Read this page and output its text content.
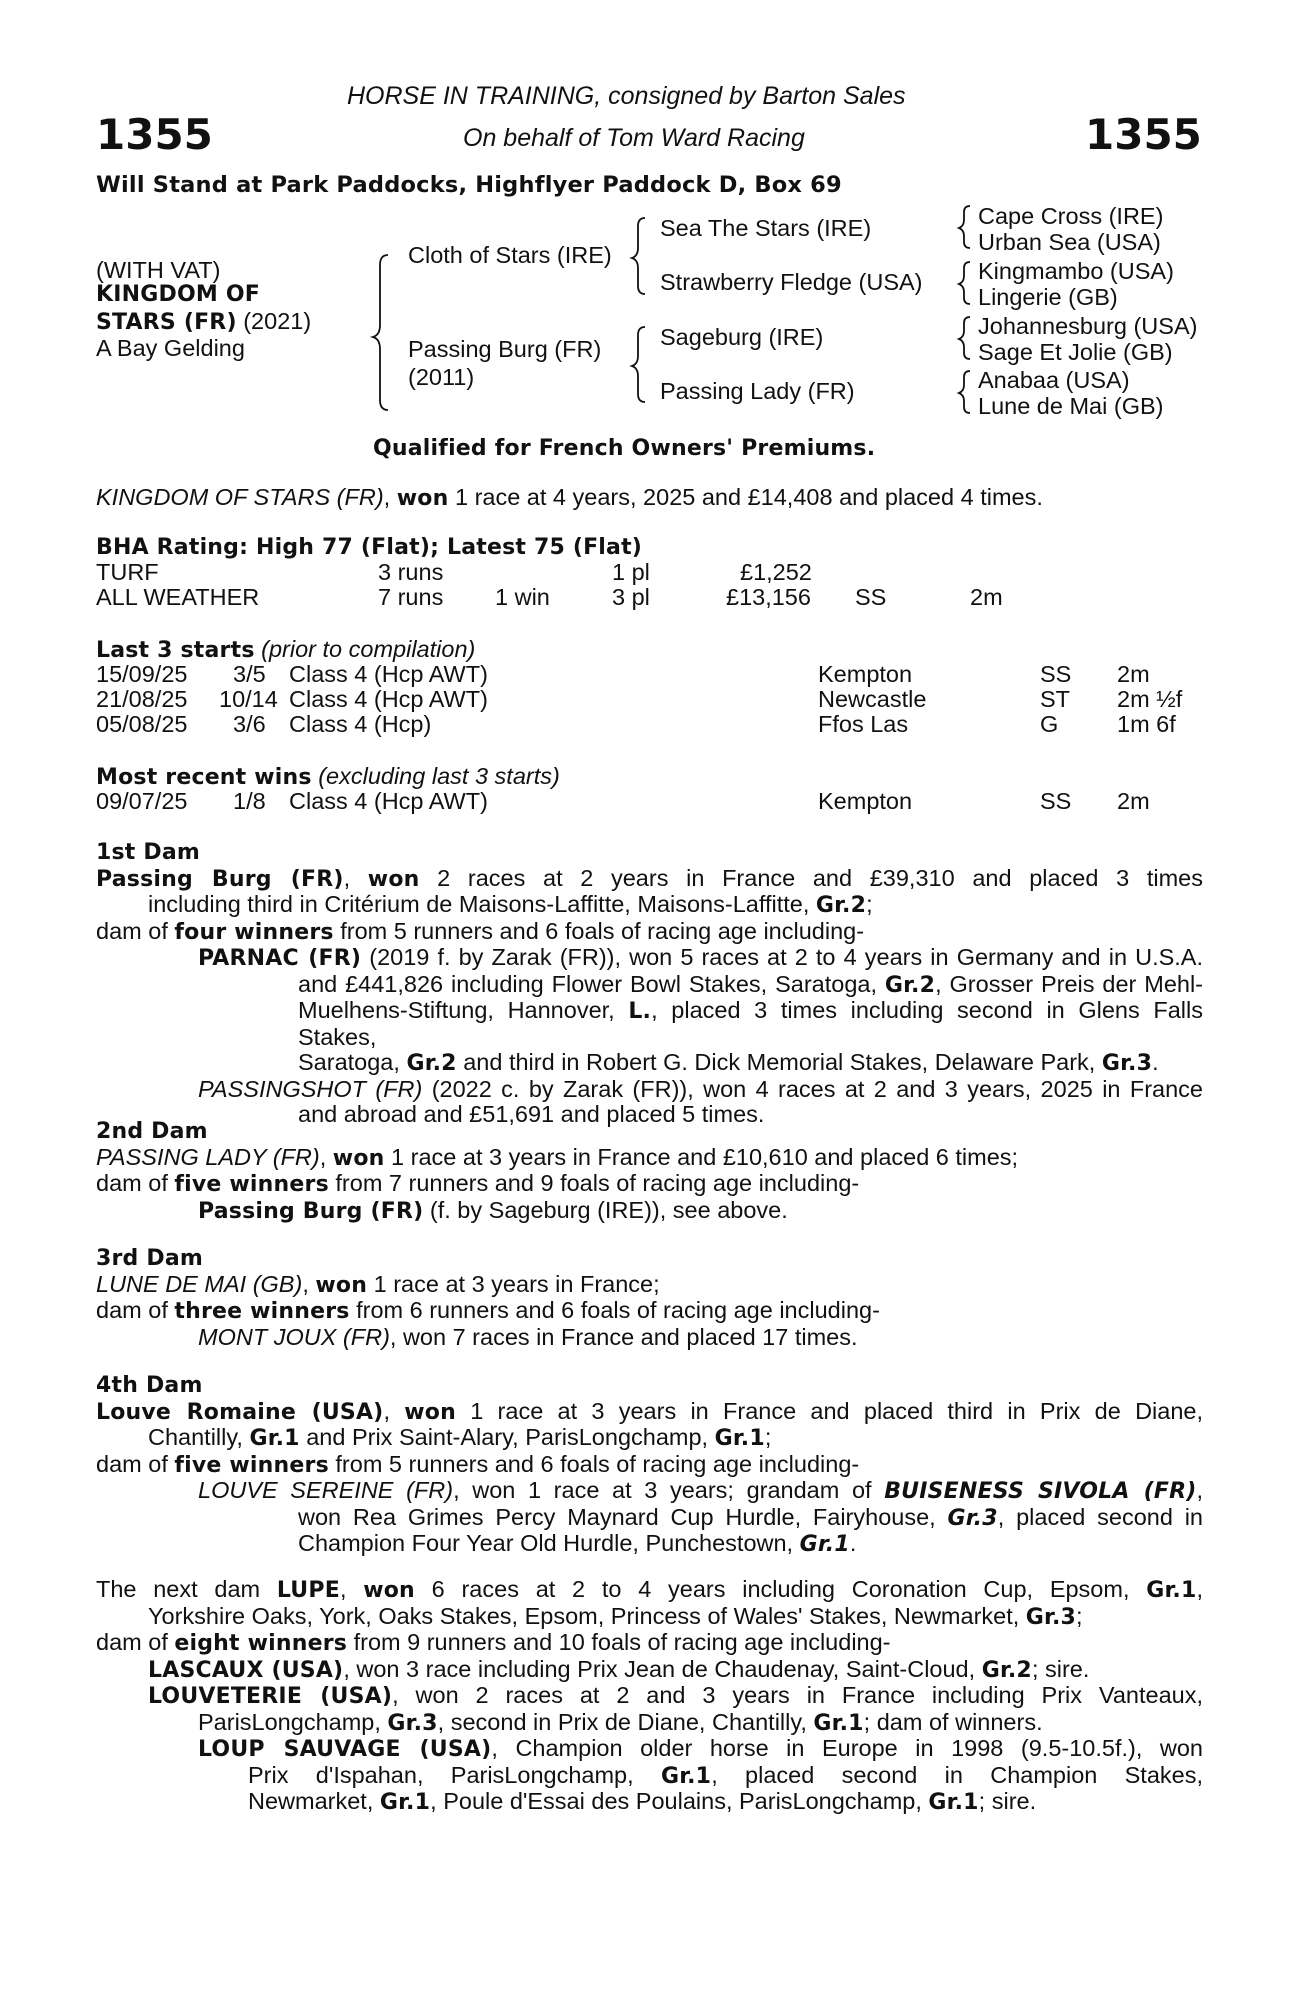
1355	1355
HORSE IN TRAINING, consigned by Barton Sales
On behalf of Tom Ward Racing
Will Stand at Park Paddocks, Highflyer Paddock D, Box 69
(WITH VAT)
KINGDOM OF
STARS (FR) (2021)
A Bay Gelding
Cloth of Stars (IRE)
Passing Burg (FR)
(2011)
Sea The Stars (IRE)
Strawberry Fledge (USA)
Sageburg (IRE)
Passing Lady (FR)
Cape Cross (IRE)
Urban Sea (USA)
Kingmambo (USA)
Lingerie (GB)
Johannesburg (USA)
Sage Et Jolie (GB)
Anabaa (USA)
Lune de Mai (GB)
Qualified for French Owners' Premiums.
KINGDOM OF STARS (FR), won 1 race at 4 years, 2025 and £14,408 and placed 4 times.
BHA Rating: High 77 (Flat); Latest 75 (Flat)
TURF	3 runs	1 pl	£1,252
ALL WEATHER	7 runs 1 win	3 pl	£13,156 SS	2m
Last 3 starts (prior to compilation)
15/09/25 3/5 Class 4 (Hcp AWT)	Kempton	SS 2m
21/08/25 10/14 Class 4 (Hcp AWT)	Newcastle	ST 2m ½f
05/08/25 3/6 Class 4 (Hcp)	Ffos Las	G 1m 6f
Most recent wins (excluding last 3 starts)
09/07/25 1/8 Class 4 (Hcp AWT)	Kempton	SS 2m
1st Dam
Passing Burg (FR), won 2 races at 2 years in France and £39,310 and placed 3 times
including third in Critérium de Maisons-Laffitte, Maisons-Laffitte, Gr.2;
dam of four winners from 5 runners and 6 foals of racing age including-
PARNAC (FR) (2019 f. by Zarak (FR)), won 5 races at 2 to 4 years in Germany and in U.S.A.
and £441,826 including Flower Bowl Stakes, Saratoga, Gr.2, Grosser Preis der Mehl-
Muelhens-Stiftung, Hannover, L., placed 3 times including second in Glens Falls Stakes,
Saratoga, Gr.2 and third in Robert G. Dick Memorial Stakes, Delaware Park, Gr.3.
PASSINGSHOT (FR) (2022 c. by Zarak (FR)), won 4 races at 2 and 3 years, 2025 in France
and abroad and £51,691 and placed 5 times.
2nd Dam
PASSING LADY (FR), won 1 race at 3 years in France and £10,610 and placed 6 times;
dam of five winners from 7 runners and 9 foals of racing age including-
Passing Burg (FR) (f. by Sageburg (IRE)), see above.
3rd Dam
LUNE DE MAI (GB), won 1 race at 3 years in France;
dam of three winners from 6 runners and 6 foals of racing age including-
MONT JOUX (FR), won 7 races in France and placed 17 times.
4th Dam
Louve Romaine (USA), won 1 race at 3 years in France and placed third in Prix de Diane,
Chantilly, Gr.1 and Prix Saint-Alary, ParisLongchamp, Gr.1;
dam of five winners from 5 runners and 6 foals of racing age including-
LOUVE SEREINE (FR), won 1 race at 3 years; grandam of BUISENESS SIVOLA (FR),
won Rea Grimes Percy Maynard Cup Hurdle, Fairyhouse, Gr.3, placed second in
Champion Four Year Old Hurdle, Punchestown, Gr.1.
The next dam LUPE, won 6 races at 2 to 4 years including Coronation Cup, Epsom, Gr.1,
Yorkshire Oaks, York, Oaks Stakes, Epsom, Princess of Wales' Stakes, Newmarket, Gr.3;
dam of eight winners from 9 runners and 10 foals of racing age including-
LASCAUX (USA), won 3 race including Prix Jean de Chaudenay, Saint-Cloud, Gr.2; sire.
LOUVETERIE (USA), won 2 races at 2 and 3 years in France including Prix Vanteaux,
ParisLongchamp, Gr.3, second in Prix de Diane, Chantilly, Gr.1; dam of winners.
LOUP SAUVAGE (USA), Champion older horse in Europe in 1998 (9.5-10.5f.), won
Prix d'Ispahan, ParisLongchamp, Gr.1, placed second in Champion Stakes,
Newmarket, Gr.1, Poule d'Essai des Poulains, ParisLongchamp, Gr.1; sire.
